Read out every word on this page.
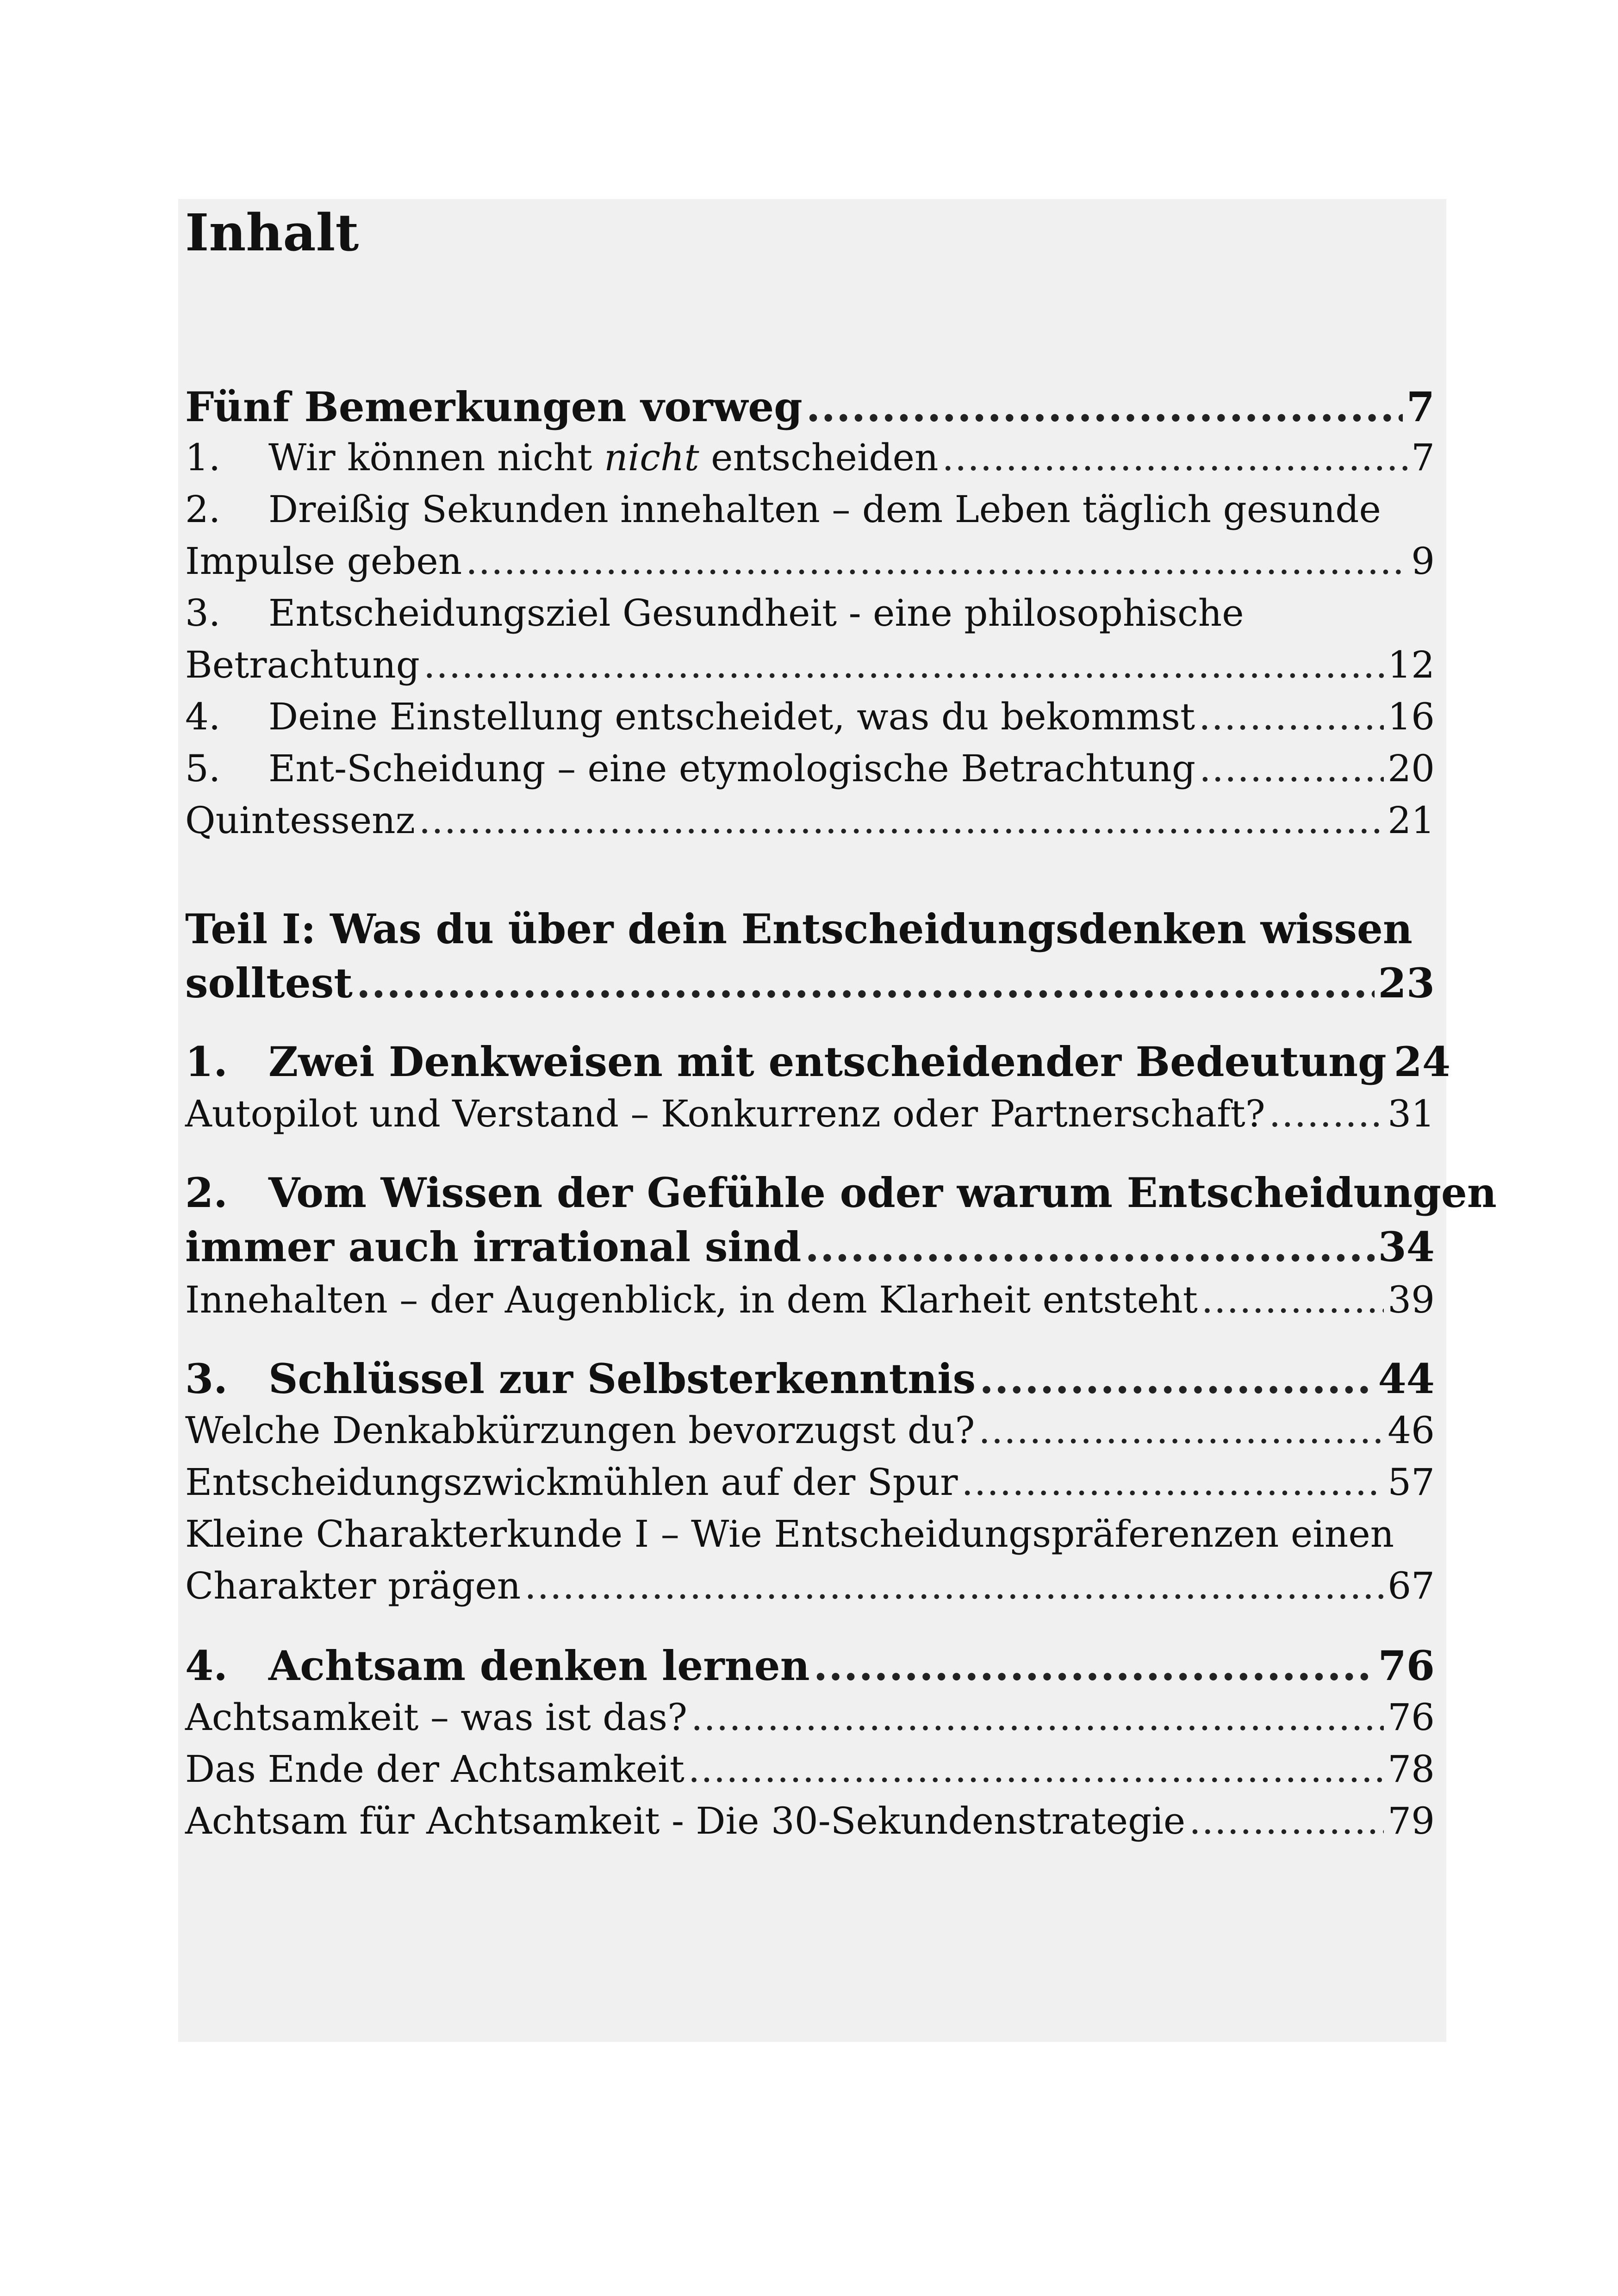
Inhalt
Fünf Bemerkungen vorweg .....	7
1.	Wir können nicht nicht entscheiden .....	7
2.	Dreißig Sekunden innehalten – dem Leben täglich gesunde
Impulse geben .....	9
3.	Entscheidungsziel Gesundheit - eine philosophische
Betrachtung .....	12
4.	Deine Einstellung entscheidet, was du bekommst .....	16
5.	Ent-Scheidung – eine etymologische Betrachtung .....	20
Quintessenz .....	21
Teil I: Was du über dein Entscheidungsdenken wissen
solltest .....	23
1.	Zwei Denkweisen mit entscheidender Bedeutung 24
Autopilot und Verstand – Konkurrenz oder Partnerschaft? .....	31
2.	Vom Wissen der Gefühle oder warum Entscheidungen
immer auch irrational sind .....	34
Innehalten – der Augenblick, in dem Klarheit entsteht .....	39
3.	Schlüssel zur Selbsterkenntnis .....	44
Welche Denkabkürzungen bevorzugst du? .....	46
Entscheidungszwickmühlen auf der Spur .....	57
Kleine Charakterkunde I – Wie Entscheidungspräferenzen einen
Charakter prägen .....	67
4.	Achtsam denken lernen .....	76
Achtsamkeit – was ist das? .....	76
Das Ende der Achtsamkeit .....	78
Achtsam für Achtsamkeit - Die 30-Sekundenstrategie .....	79
